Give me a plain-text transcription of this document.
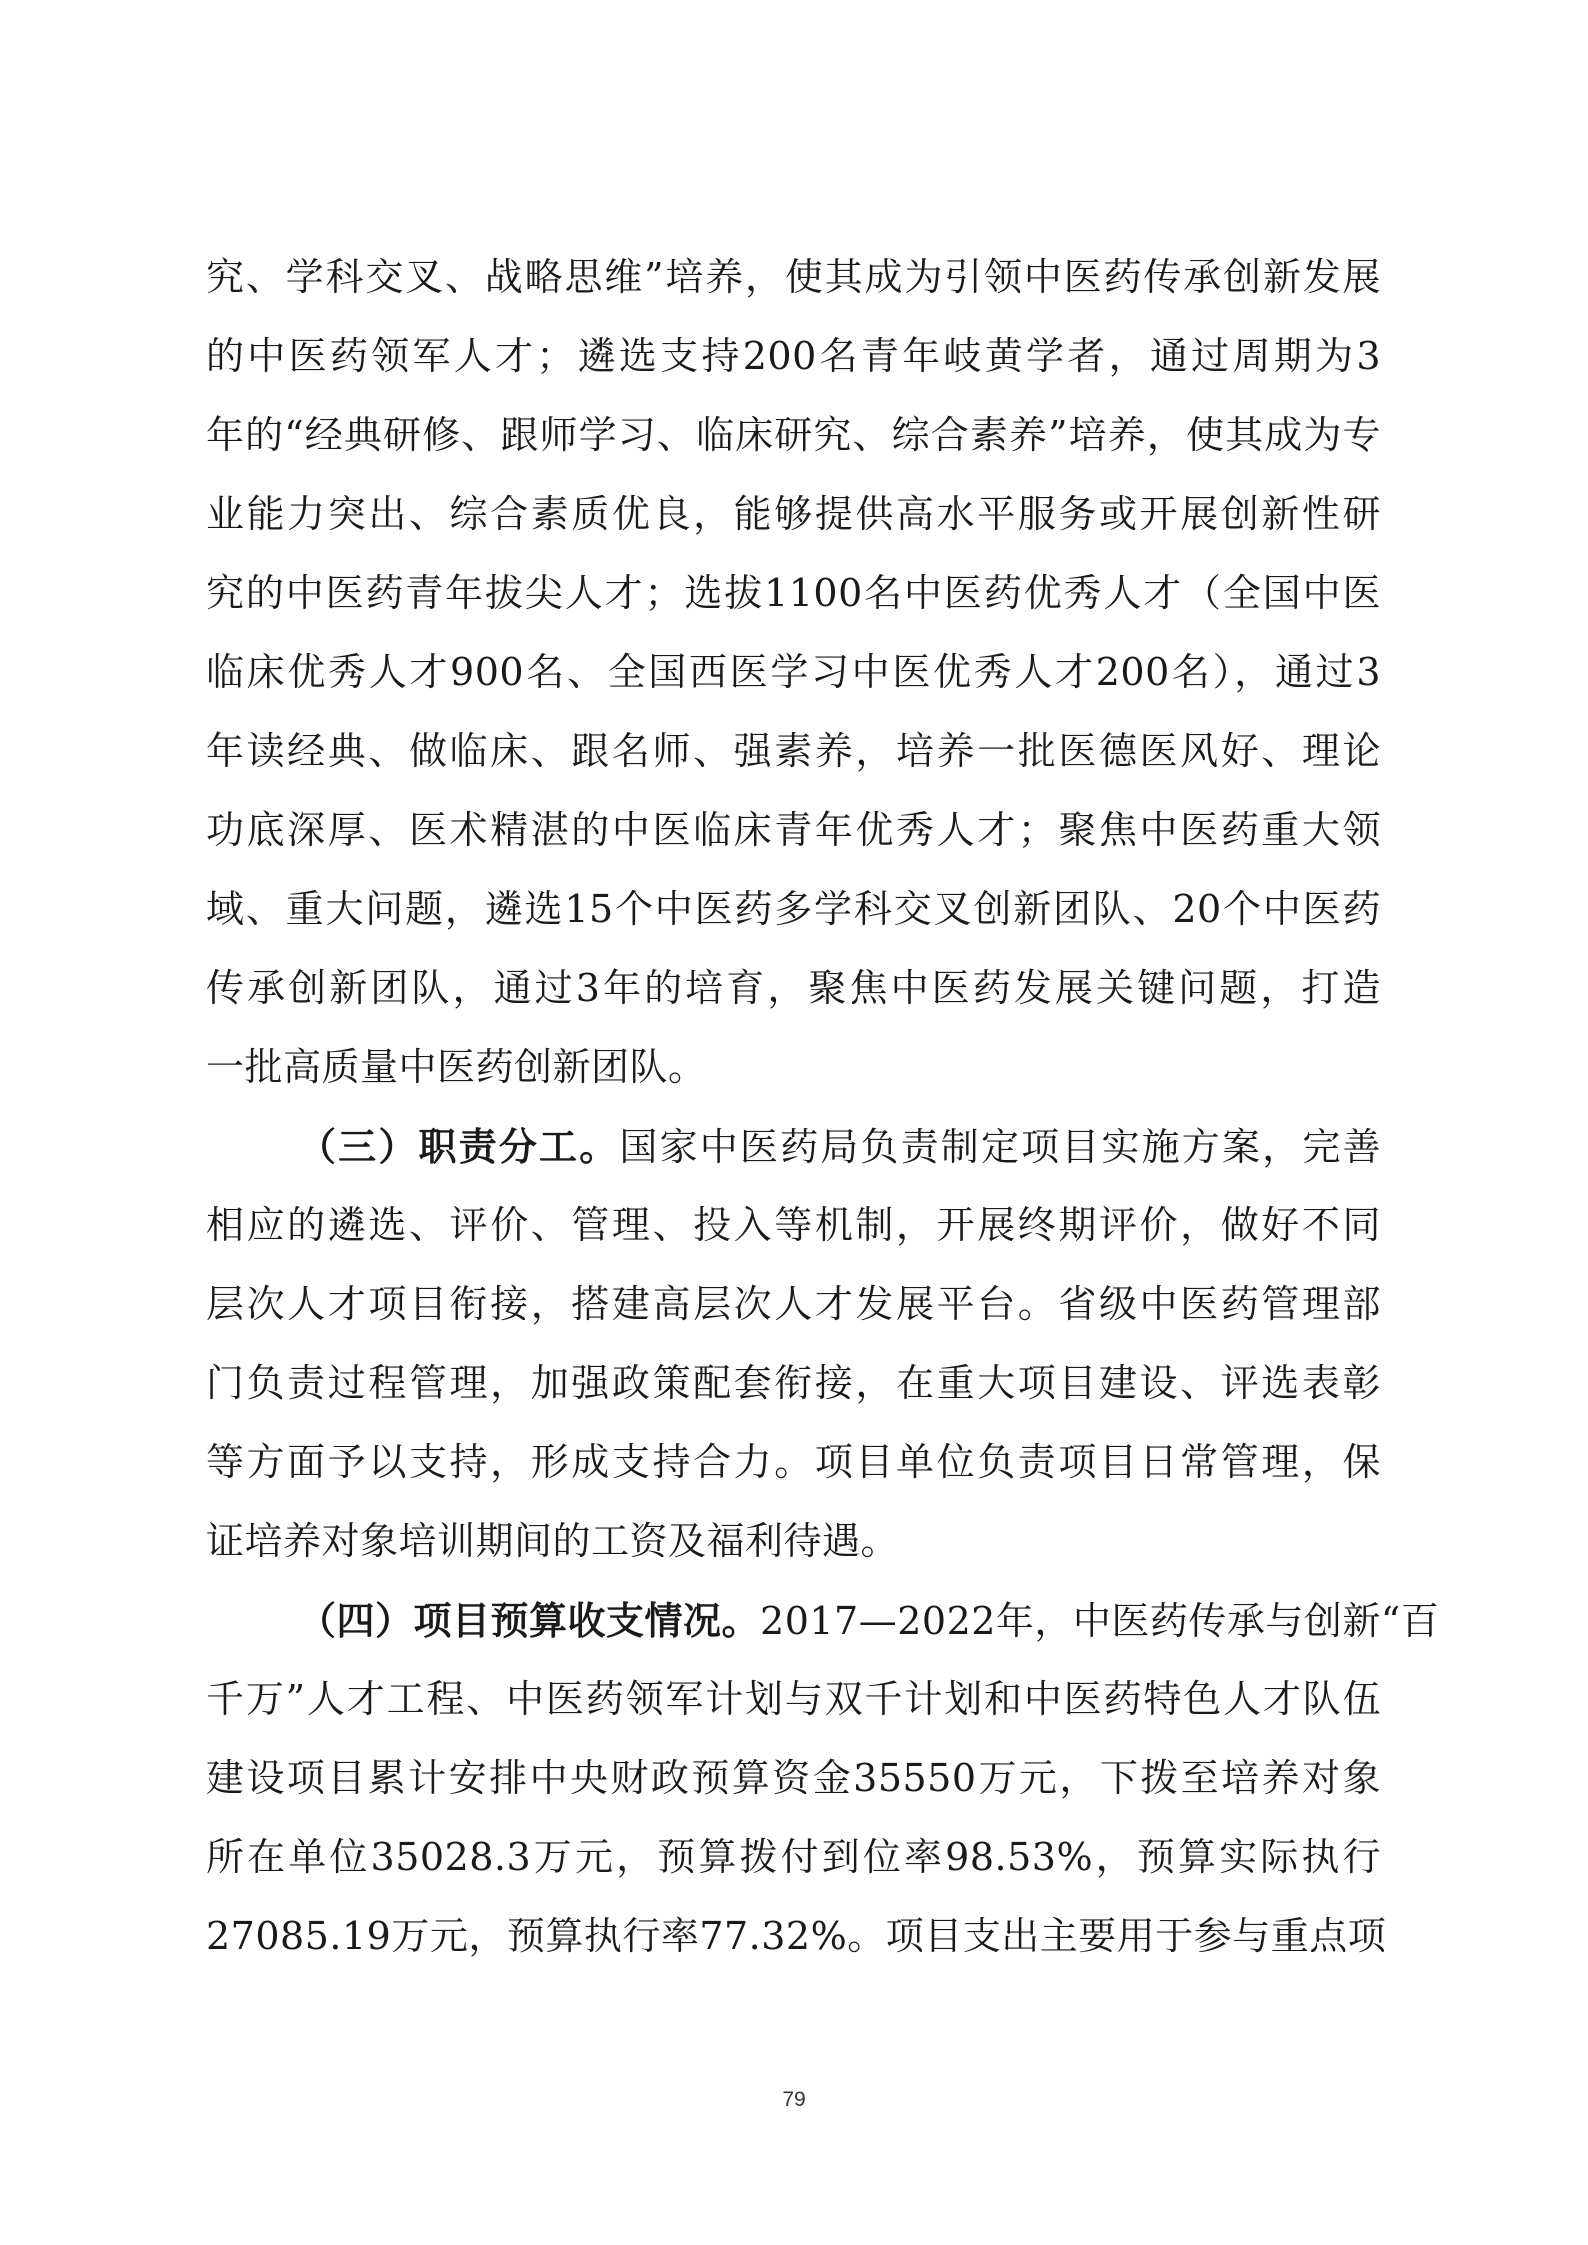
究、学科交叉、战略思维”培养，使其成为引领中医药传承创新发展
的中医药领军人才；遴选支持200名青年岐黄学者，通过周期为3
年的“经典研修、跟师学习、临床研究、综合素养”培养，使其成为专
业能力突出、综合素质优良，能够提供高水平服务或开展创新性研
究的中医药青年拔尖人才；选拔1100名中医药优秀人才（全国中医
临床优秀人才900名、全国西医学习中医优秀人才200名），通过3
年读经典、做临床、跟名师、强素养，培养一批医德医风好、理论
功底深厚、医术精湛的中医临床青年优秀人才；聚焦中医药重大领
域、重大问题，遴选15个中医药多学科交叉创新团队、20个中医药
传承创新团队，通过3年的培育，聚焦中医药发展关键问题，打造
一批高质量中医药创新团队。
（三）职责分工。国家中医药局负责制定项目实施方案，完善
相应的遴选、评价、管理、投入等机制，开展终期评价，做好不同
层次人才项目衔接，搭建高层次人才发展平台。省级中医药管理部
门负责过程管理，加强政策配套衔接，在重大项目建设、评选表彰
等方面予以支持，形成支持合力。项目单位负责项目日常管理，保
证培养对象培训期间的工资及福利待遇。
（四）项目预算收支情况。2017—2022年，中医药传承与创新“百
千万”人才工程、中医药领军计划与双千计划和中医药特色人才队伍
建设项目累计安排中央财政预算资金35550万元，下拨至培养对象
所在单位35028.3万元，预算拨付到位率98.53%，预算实际执行
27085.19万元，预算执行率77.32%。项目支出主要用于参与重点项
79
